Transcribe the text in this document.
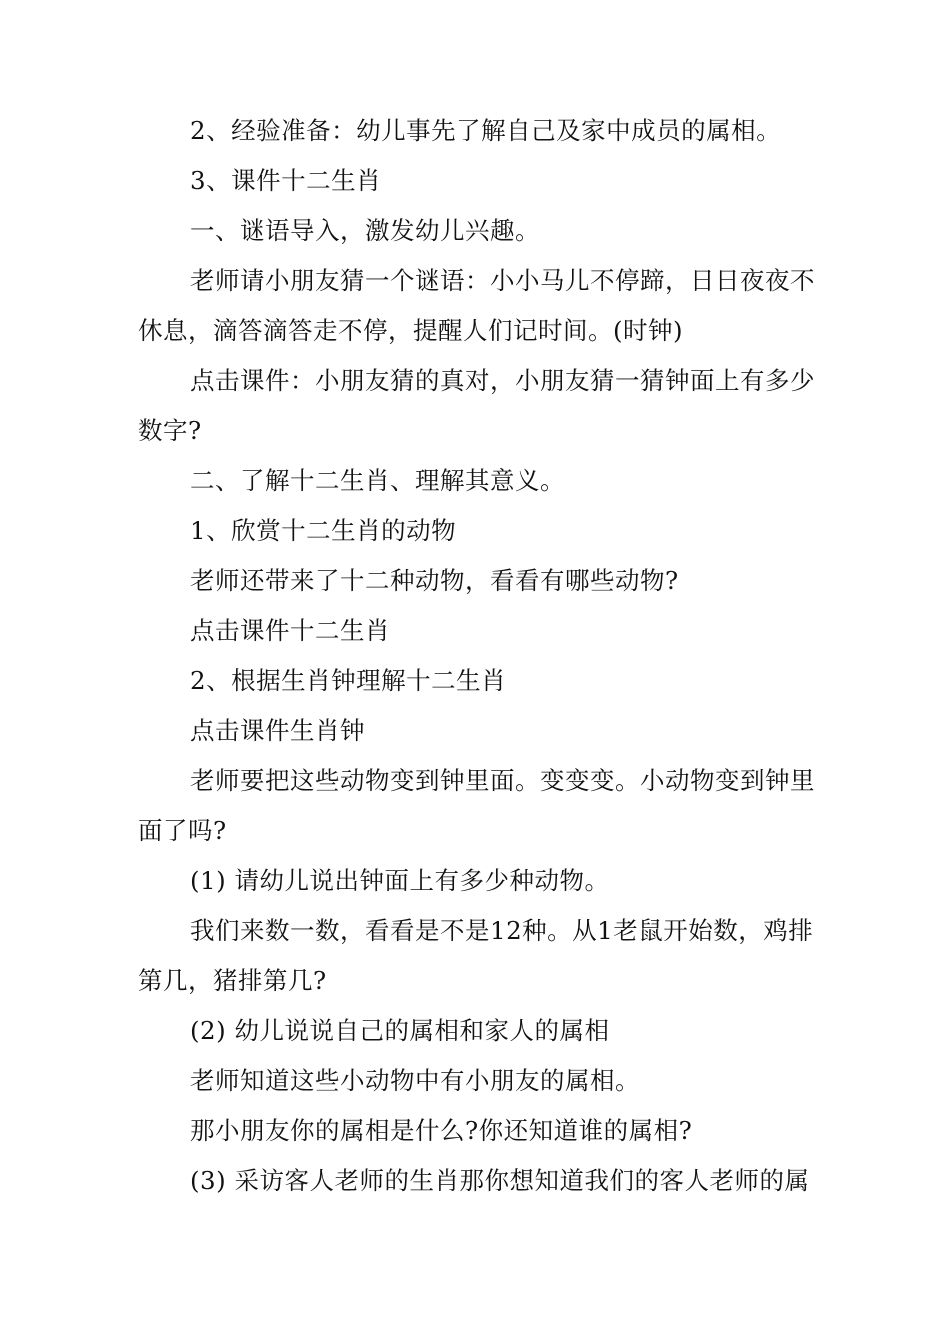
2、经验准备：幼儿事先了解自己及家中成员的属相。

3、课件十二生肖

一、谜语导入，激发幼儿兴趣。

老师请小朋友猜一个谜语：小小马儿不停蹄，日日夜夜不休息，滴答滴答走不停，提醒人们记时间。(时钟)

点击课件：小朋友猜的真对，小朋友猜一猜钟面上有多少数字?

二、了解十二生肖、理解其意义。

1、欣赏十二生肖的动物

老师还带来了十二种动物，看看有哪些动物?

点击课件十二生肖

2、根据生肖钟理解十二生肖

点击课件生肖钟

老师要把这些动物变到钟里面。变变变。小动物变到钟里面了吗?

(1) 请幼儿说出钟面上有多少种动物。

我们来数一数，看看是不是12种。从1老鼠开始数，鸡排第几，猪排第几?

(2) 幼儿说说自己的属相和家人的属相

老师知道这些小动物中有小朋友的属相。

那小朋友你的属相是什么?你还知道谁的属相?

(3) 采访客人老师的生肖那你想知道我们的客人老师的属
